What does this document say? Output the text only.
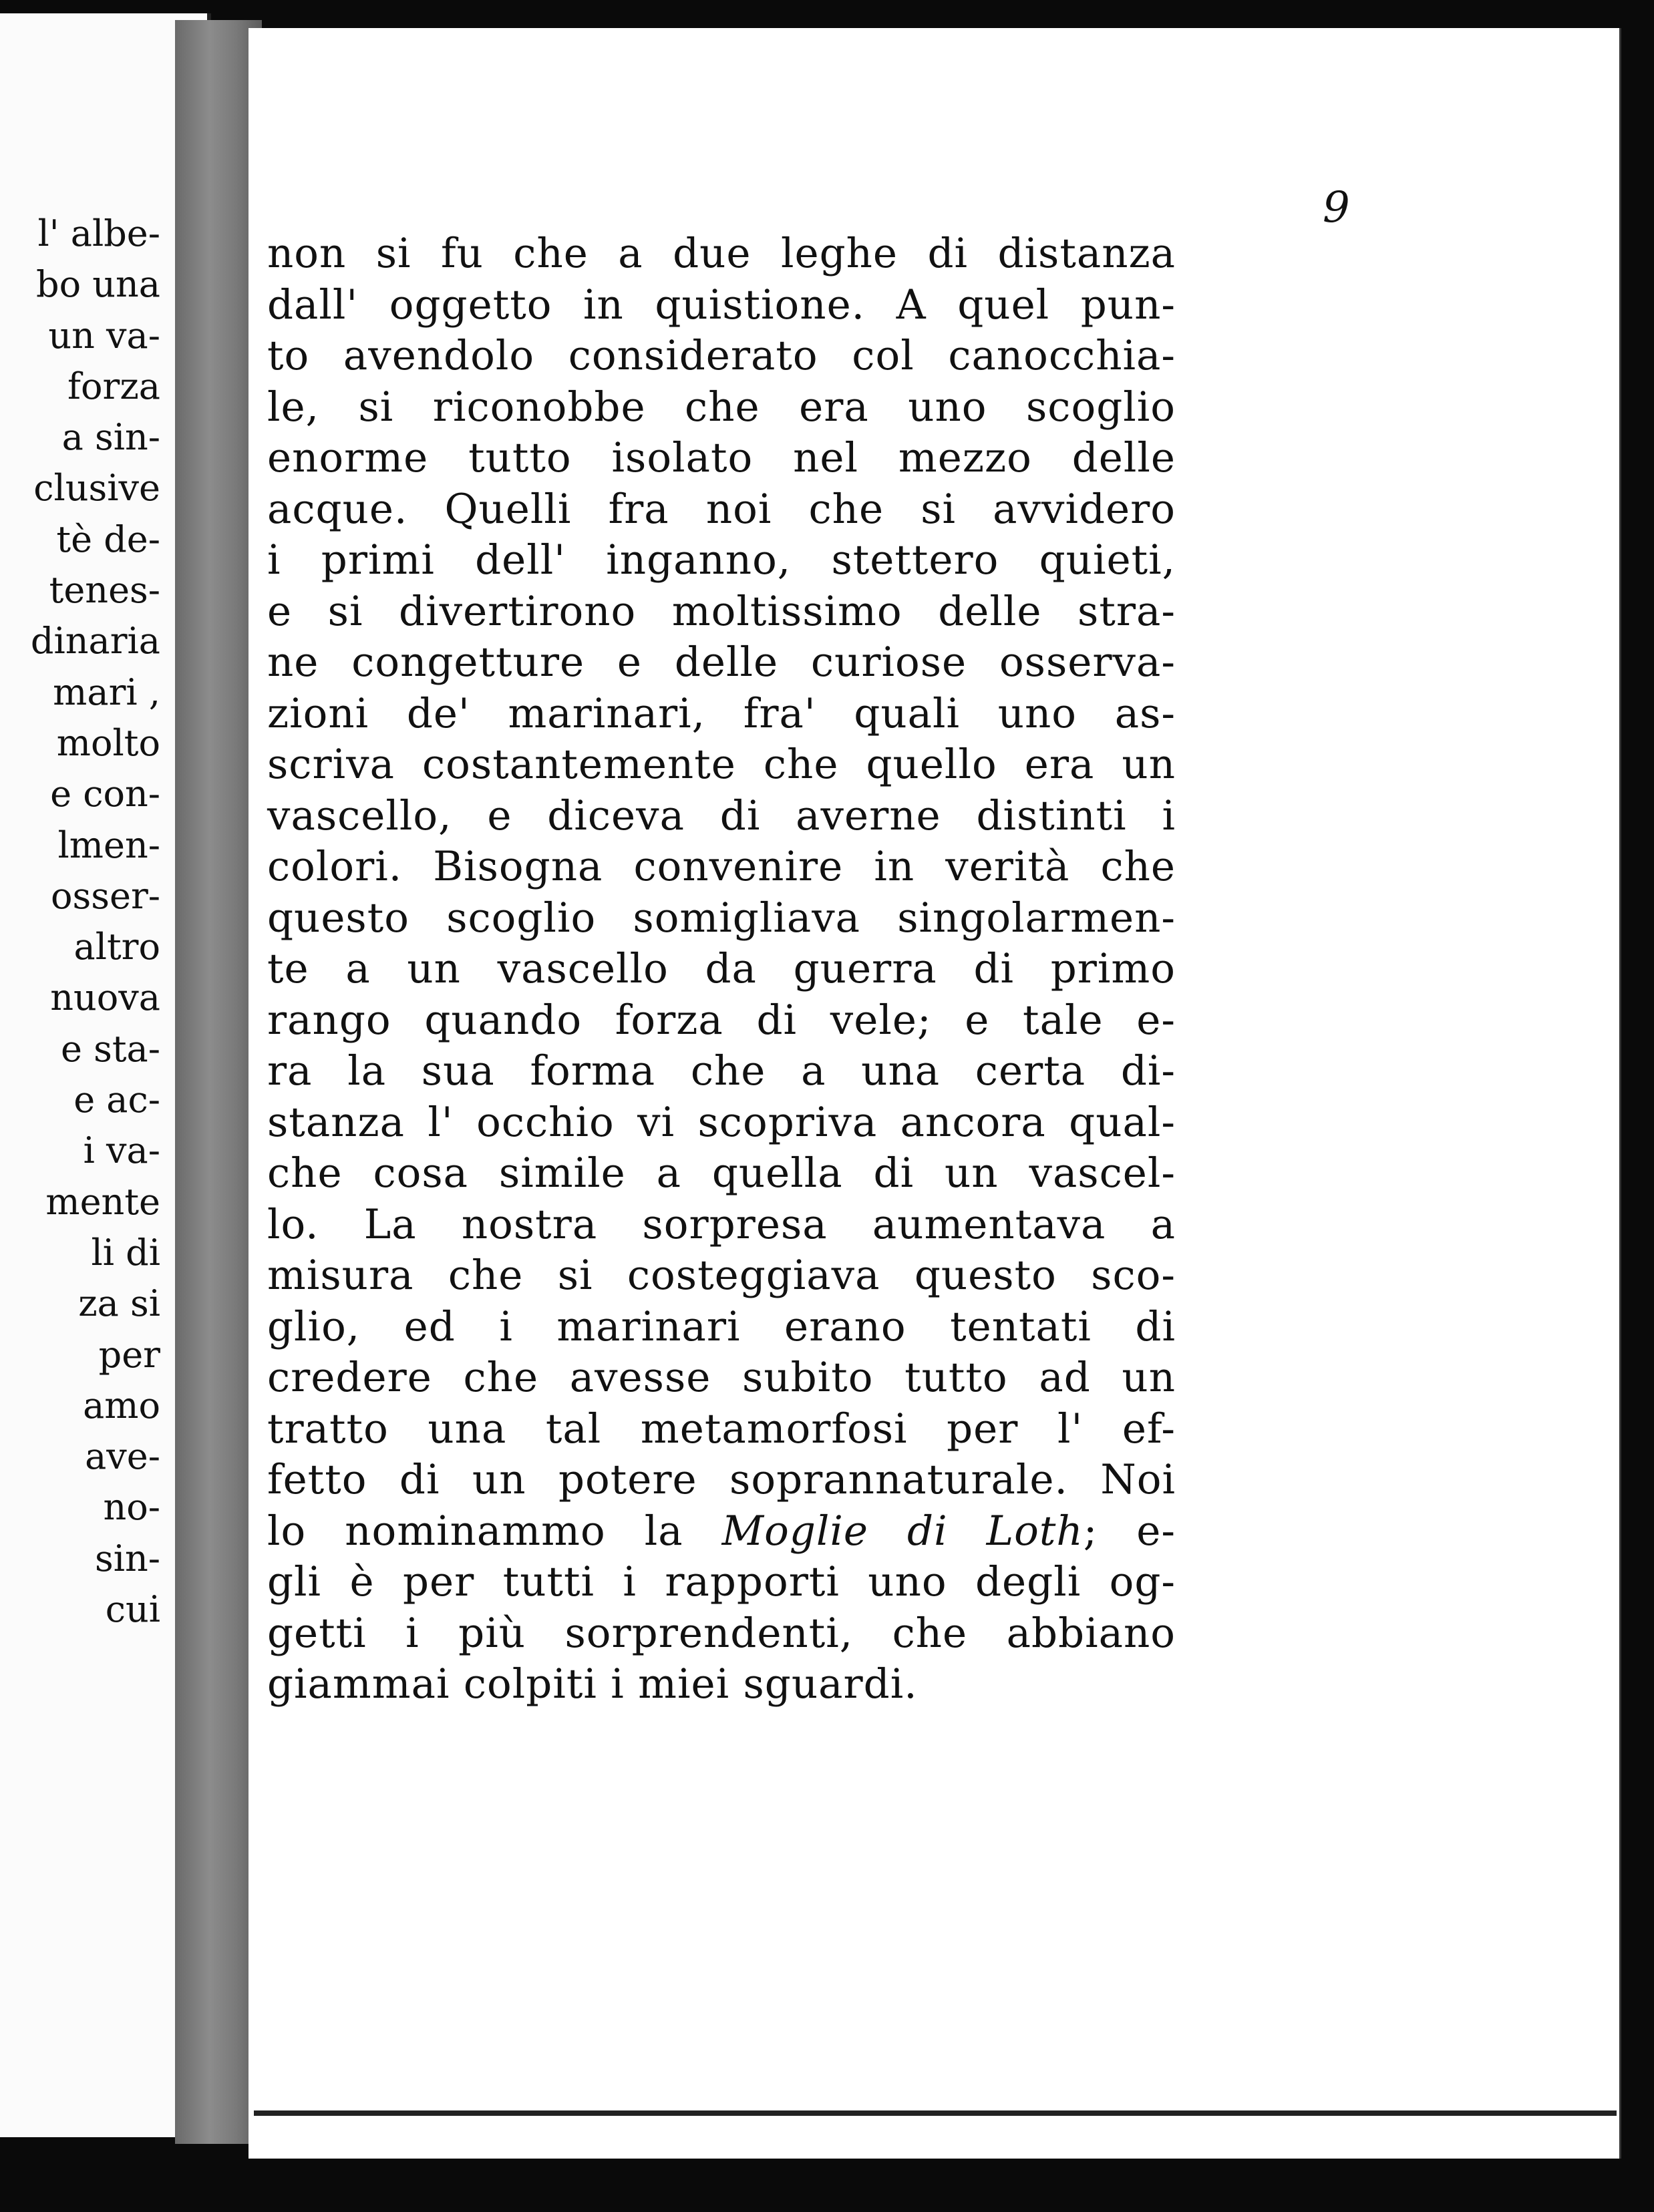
l' albe-
bo una
un va-
forza
a sin-
clusive
tè de-
tenes-
dinaria
mari ,
molto
e con-
lmen-
osser-
altro
nuova
e sta-
e ac-
i va-
mente
li di
za si
per
amo
ave-
no-
sin-
cui
9
non si fu che a due leghe di distanza
dall' oggetto in quistione. A quel pun-
to avendolo considerato col canocchia-
le, si riconobbe che era uno scoglio
enorme tutto isolato nel mezzo delle
acque. Quelli fra noi che si avvidero
i primi dell' inganno, stettero quieti,
e si divertirono moltissimo delle stra-
ne congetture e delle curiose osserva-
zioni de' marinari, fra' quali uno as-
scriva costantemente che quello era un
vascello, e diceva di averne distinti i
colori. Bisogna convenire in verità che
questo scoglio somigliava singolarmen-
te a un vascello da guerra di primo
rango quando forza di vele; e tale e-
ra la sua forma che a una certa di-
stanza l' occhio vi scopriva ancora qual-
che cosa simile a quella di un vascel-
lo. La nostra sorpresa aumentava a
misura che si costeggiava questo sco-
glio, ed i marinari erano tentati di
credere che avesse subito tutto ad un
tratto una tal metamorfosi per l' ef-
fetto di un potere soprannaturale. Noi
lo nominammo la Moglie di Loth; e-
gli è per tutti i rapporti uno degli og-
getti i più sorprendenti, che abbiano
giammai colpiti i miei sguardi.
